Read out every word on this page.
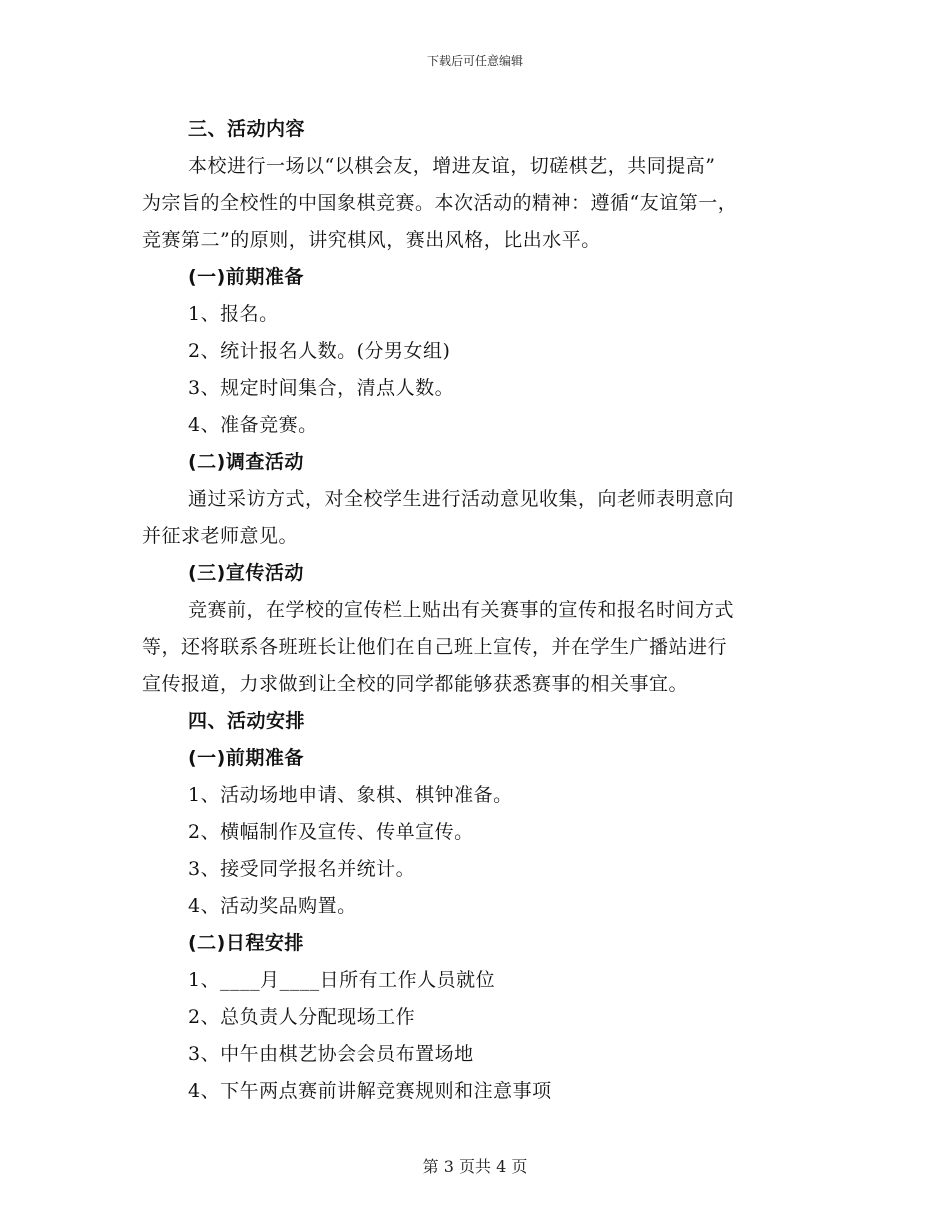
下载后可任意编辑
三、活动内容
本校进行一场以“以棋会友，增进友谊，切磋棋艺，共同提高”
为宗旨的全校性的中国象棋竞赛。本次活动的精神：遵循“友谊第一，
竞赛第二”的原则，讲究棋风，赛出风格，比出水平。
(一)前期准备
1、报名。
2、统计报名人数。(分男女组)
3、规定时间集合，清点人数。
4、准备竞赛。
(二)调查活动
通过采访方式，对全校学生进行活动意见收集，向老师表明意向
并征求老师意见。
(三)宣传活动
竞赛前，在学校的宣传栏上贴出有关赛事的宣传和报名时间方式
等，还将联系各班班长让他们在自己班上宣传，并在学生广播站进行
宣传报道，力求做到让全校的同学都能够获悉赛事的相关事宜。
四、活动安排
(一)前期准备
1、活动场地申请、象棋、棋钟准备。
2、横幅制作及宣传、传单宣传。
3、接受同学报名并统计。
4、活动奖品购置。
(二)日程安排
1、____月____日所有工作人员就位
2、总负责人分配现场工作
3、中午由棋艺协会会员布置场地
4、下午两点赛前讲解竞赛规则和注意事项
第 3 页共 4 页
